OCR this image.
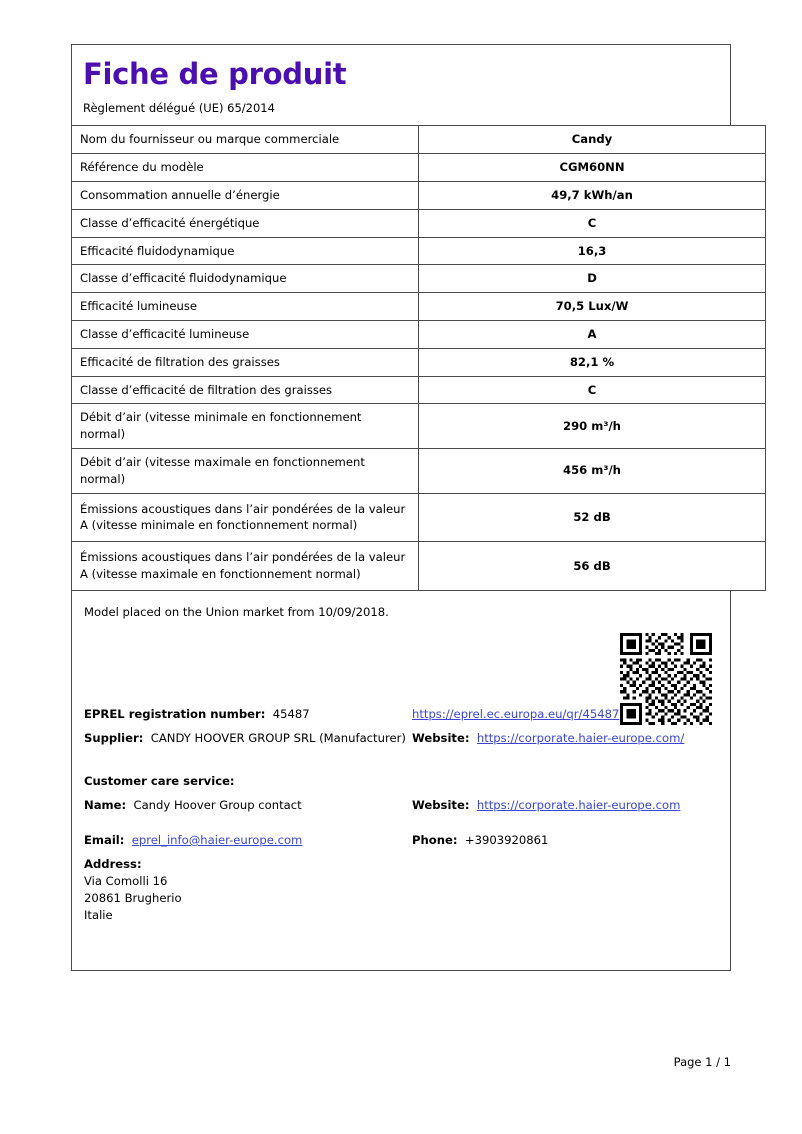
Fiche de produit
Règlement délégué (UE) 65/2014
Nom du fournisseur ou marque commerciale	Candy
Référence du modèle	CGM60NN
Consommation annuelle d’énergie	49,7 kWh/an
Classe d’efficacité énergétique	C
Efficacité fluidodynamique	16,3
Classe d’efficacité fluidodynamique	D
Efficacité lumineuse	70,5 Lux/W
Classe d’efficacité lumineuse	A
Efficacité de filtration des graisses	82,1 %
Classe d’efficacité de filtration des graisses	C
Débit d’air (vitesse minimale en fonctionnement normal)	290 m³/h
Débit d’air (vitesse maximale en fonctionnement normal)	456 m³/h
Émissions acoustiques dans l’air pondérées de la valeur A (vitesse minimale en fonctionnement normal)	52 dB
Émissions acoustiques dans l’air pondérées de la valeur A (vitesse maximale en fonctionnement normal)	56 dB
Model placed on the Union market from 10/09/2018.
EPREL registration number: 45487	https://eprel.ec.europa.eu/qr/45487
Supplier: CANDY HOOVER GROUP SRL (Manufacturer) Website: https://corporate.haier-europe.com/
Customer care service:
Name: Candy Hoover Group contact	Website: https://corporate.haier-europe.com
Email: eprel_info@haier-europe.com	Phone: +3903920861
Address:
Via Comolli 16
20861 Brugherio
Italie
Page 1 / 1
